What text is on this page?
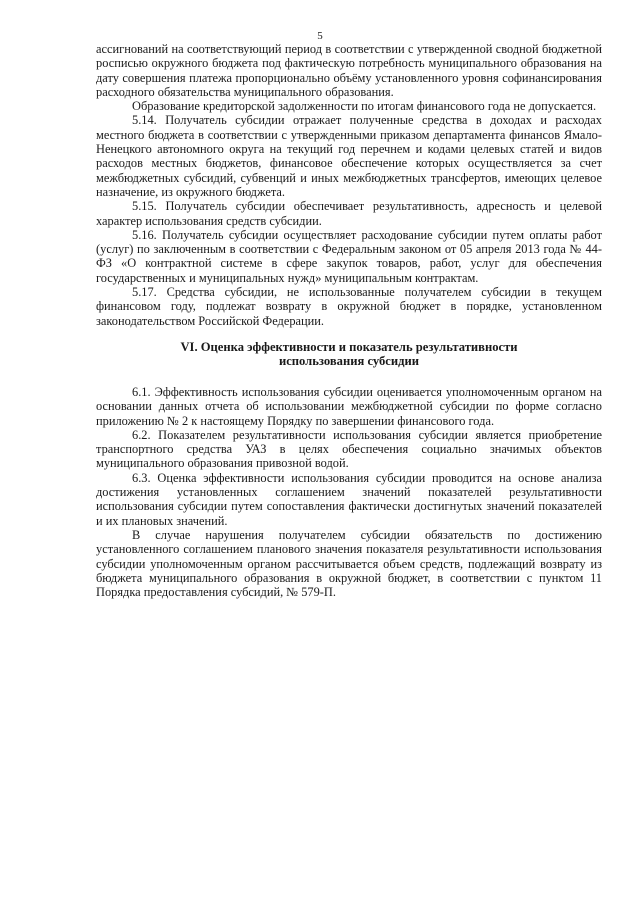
5

ассигнований на соответствующий период в соответствии с утвержденной сводной бюджетной росписью окружного бюджета под фактическую потребность муниципального образования на дату совершения платежа пропорционально объёму установленного уровня софинансирования расходного обязательства муниципального образования.

Образование кредиторской задолженности по итогам финансового года не допускается.

5.14. Получатель субсидии отражает полученные средства в доходах и расходах местного бюджета в соответствии с утвержденными приказом департамента финансов Ямало-Ненецкого автономного округа на текущий год перечнем и кодами целевых статей и видов расходов местных бюджетов, финансовое обеспечение которых осуществляется за счет межбюджетных субсидий, субвенций и иных межбюджетных трансфертов, имеющих целевое назначение, из окружного бюджета.

5.15. Получатель субсидии обеспечивает результативность, адресность и целевой характер использования средств субсидии.

5.16. Получатель субсидии осуществляет расходование субсидии путем оплаты работ (услуг) по заключенным в соответствии с Федеральным законом от 05 апреля 2013 года № 44-ФЗ «О контрактной системе в сфере закупок товаров, работ, услуг для обеспечения государственных и муниципальных нужд» муниципальным контрактам.

5.17. Средства субсидии, не использованные получателем субсидии в текущем финансовом году, подлежат возврату в окружной бюджет в порядке, установленном законодательством Российской Федерации.

VI. Оценка эффективности и показатель результативности
использования субсидии

6.1. Эффективность использования субсидии оценивается уполномоченным органом на основании данных отчета об использовании межбюджетной субсидии по форме согласно приложению № 2 к настоящему Порядку по завершении финансового года.

6.2. Показателем результативности использования субсидии является приобретение транспортного средства УАЗ в целях обеспечения социально значимых объектов муниципального образования привозной водой.

6.3. Оценка эффективности использования субсидии проводится на основе анализа достижения установленных соглашением значений показателей результативности использования субсидии путем сопоставления фактически достигнутых значений показателей и их плановых значений.

В случае нарушения получателем субсидии обязательств по достижению установленного соглашением планового значения показателя результативности использования субсидии уполномоченным органом рассчитывается объем средств, подлежащий возврату из бюджета муниципального образования в окружной бюджет, в соответствии с пунктом 11 Порядка предоставления субсидий, № 579-П.
